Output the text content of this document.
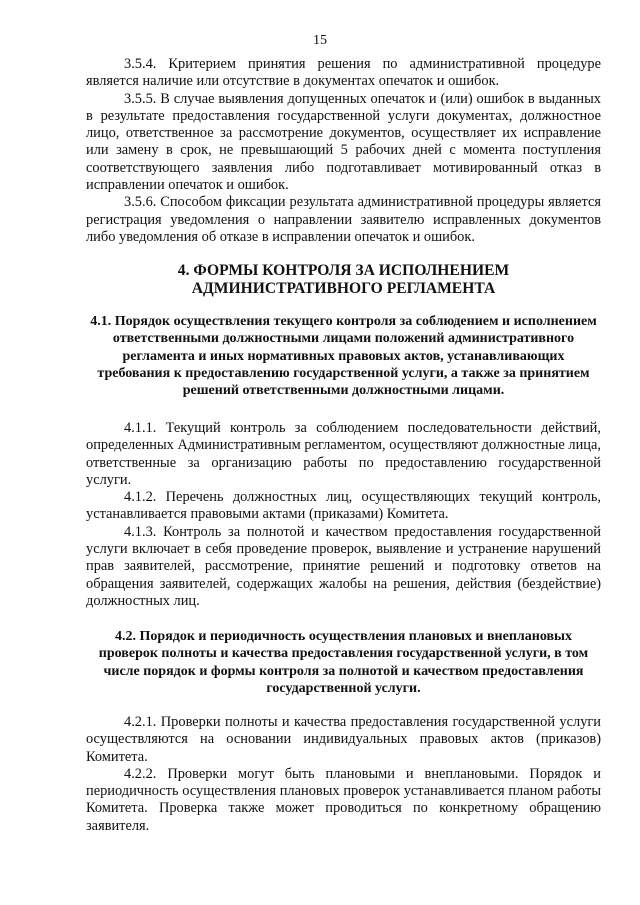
15

3.5.4. Критерием принятия решения по административной процедуре является наличие или отсутствие в документах опечаток и ошибок.

3.5.5. В случае выявления допущенных опечаток и (или) ошибок в выданных в результате предоставления государственной услуги документах, должностное лицо, ответственное за рассмотрение документов, осуществляет их исправление или замену в срок, не превышающий 5 рабочих дней с момента поступления соответствующего заявления либо подготавливает мотивированный отказ в исправлении опечаток и ошибок.

3.5.6. Способом фиксации результата административной процедуры является регистрация уведомления о направлении заявителю исправленных документов либо уведомления об отказе в исправлении опечаток и ошибок.

4. ФОРМЫ КОНТРОЛЯ ЗА ИСПОЛНЕНИЕМ
АДМИНИСТРАТИВНОГО РЕГЛАМЕНТА

4.1. Порядок осуществления текущего контроля за соблюдением и исполнением ответственными должностными лицами положений административного регламента и иных нормативных правовых актов, устанавливающих требования к предоставлению государственной услуги, а также за принятием решений ответственными должностными лицами.

4.1.1. Текущий контроль за соблюдением последовательности действий, определенных Административным регламентом, осуществляют должностные лица, ответственные за организацию работы по предоставлению государственной услуги.

4.1.2. Перечень должностных лиц, осуществляющих текущий контроль, устанавливается правовыми актами (приказами) Комитета.

4.1.3. Контроль за полнотой и качеством предоставления государственной услуги включает в себя проведение проверок, выявление и устранение нарушений прав заявителей, рассмотрение, принятие решений и подготовку ответов на обращения заявителей, содержащих жалобы на решения, действия (бездействие) должностных лиц.

4.2. Порядок и периодичность осуществления плановых и внеплановых проверок полноты и качества предоставления государственной услуги, в том числе порядок и формы контроля за полнотой и качеством предоставления государственной услуги.

4.2.1. Проверки полноты и качества предоставления государственной услуги осуществляются на основании индивидуальных правовых актов (приказов) Комитета.

4.2.2. Проверки могут быть плановыми и внеплановыми. Порядок и периодичность осуществления плановых проверок устанавливается планом работы Комитета. Проверка также может проводиться по конкретному обращению заявителя.
